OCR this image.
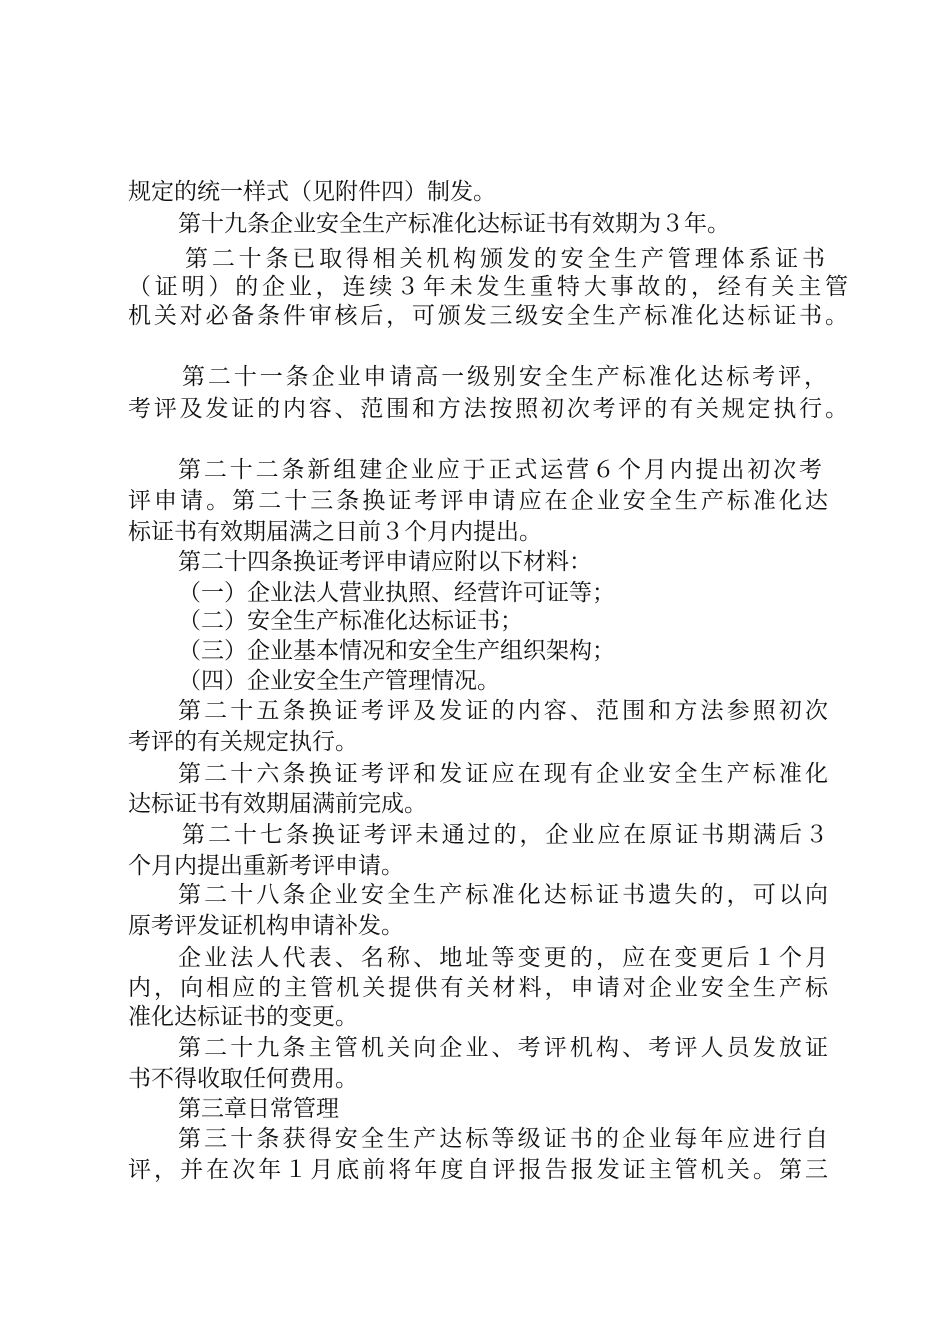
规定的统一样式（见附件四）制发。
第十九条企业安全生产标准化达标证书有效期为３年。
第二十条已取得相关机构颁发的安全生产管理体系证书
（证明）的企业，连续３年未发生重特大事故的，经有关主管
机关对必备条件审核后，可颁发三级安全生产标准化达标证书。
第二十一条企业申请高一级别安全生产标准化达标考评，
考评及发证的内容、范围和方法按照初次考评的有关规定执行。
第二十二条新组建企业应于正式运营６个月内提出初次考
评申请。第二十三条换证考评申请应在企业安全生产标准化达
标证书有效期届满之日前３个月内提出。
第二十四条换证考评申请应附以下材料：
（一）企业法人营业执照、经营许可证等；
（二）安全生产标准化达标证书；
（三）企业基本情况和安全生产组织架构；
（四）企业安全生产管理情况。
第二十五条换证考评及发证的内容、范围和方法参照初次
考评的有关规定执行。
第二十六条换证考评和发证应在现有企业安全生产标准化
达标证书有效期届满前完成。
第二十七条换证考评未通过的，企业应在原证书期满后３
个月内提出重新考评申请。
第二十八条企业安全生产标准化达标证书遗失的，可以向
原考评发证机构申请补发。
企业法人代表、名称、地址等变更的，应在变更后１个月
内，向相应的主管机关提供有关材料，申请对企业安全生产标
准化达标证书的变更。
第二十九条主管机关向企业、考评机构、考评人员发放证
书不得收取任何费用。
第三章日常管理
第三十条获得安全生产达标等级证书的企业每年应进行自
评，并在次年１月底前将年度自评报告报发证主管机关。第三
